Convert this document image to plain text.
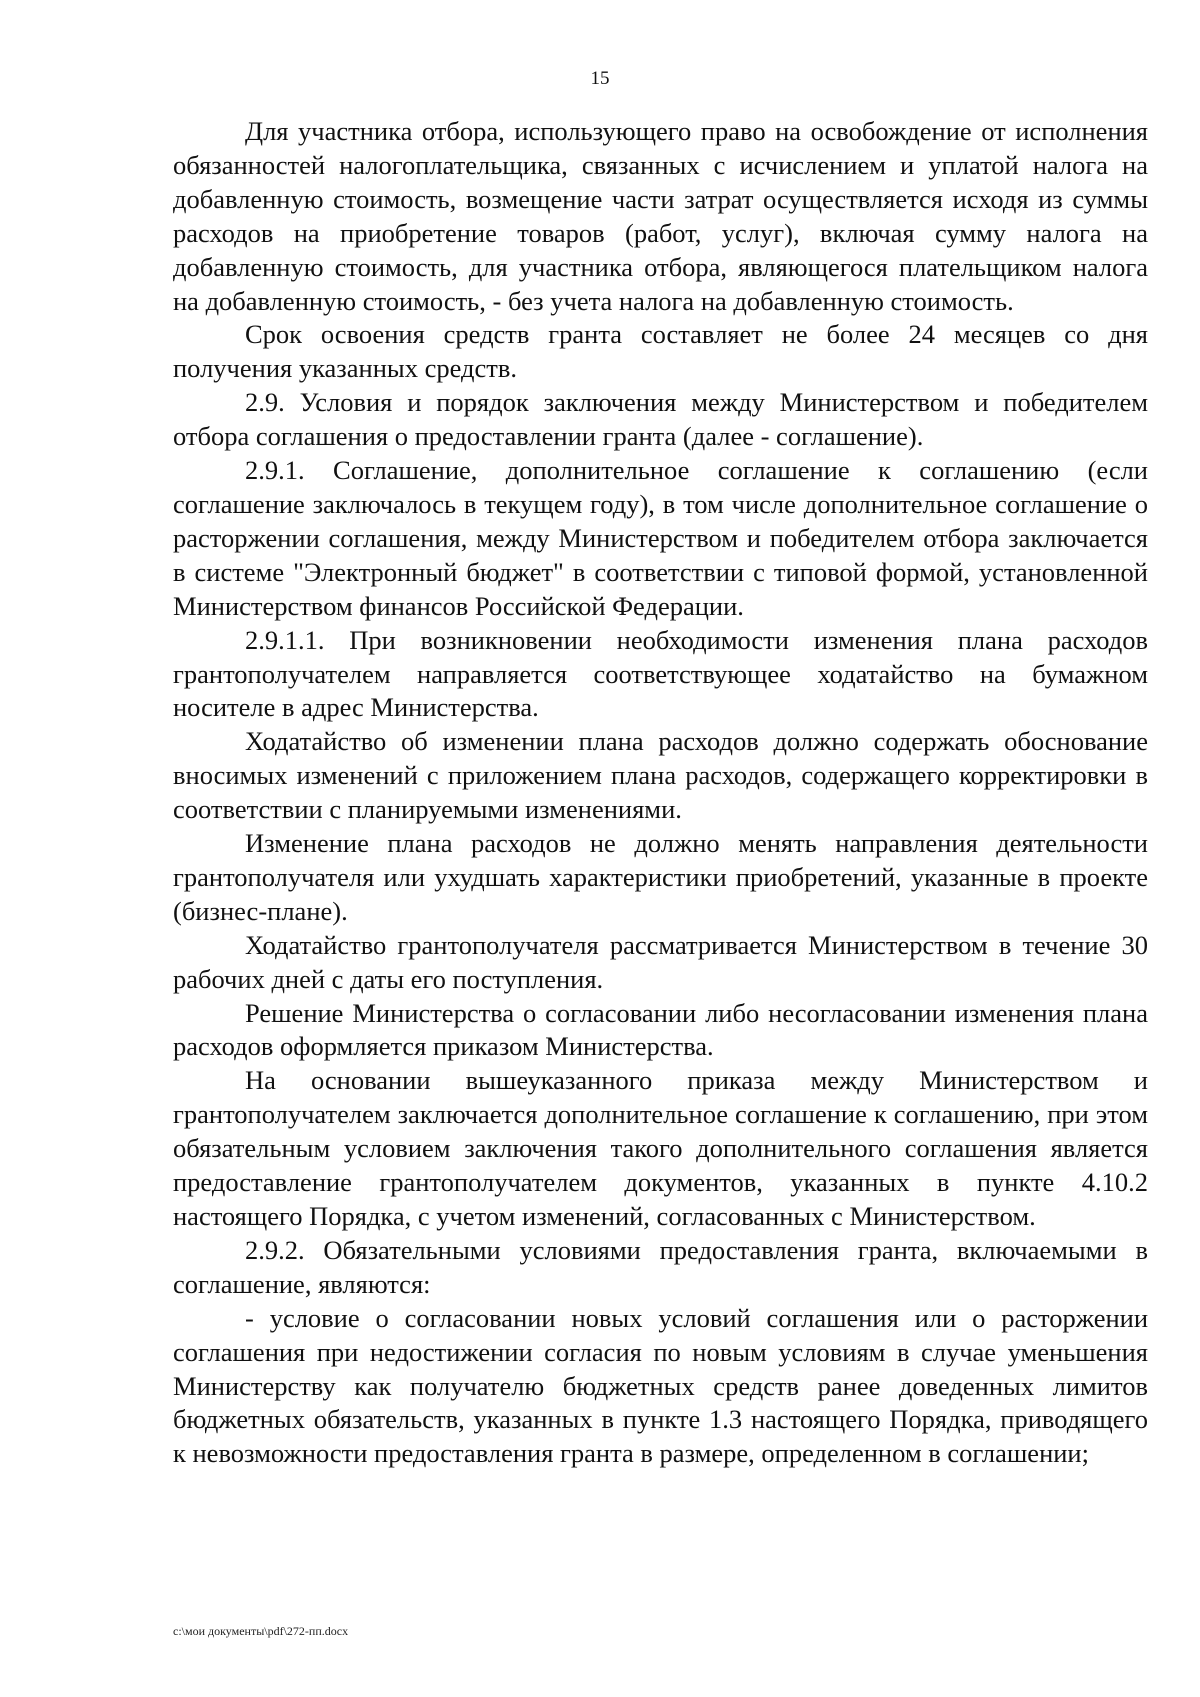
15

Для участника отбора, использующего право на освобождение от исполнения обязанностей налогоплательщика, связанных с исчислением и уплатой налога на добавленную стоимость, возмещение части затрат осуществляется исходя из суммы расходов на приобретение товаров (работ, услуг), включая сумму налога на добавленную стоимость, для участника отбора, являющегося плательщиком налога на добавленную стоимость, - без учета налога на добавленную стоимость.

Срок освоения средств гранта составляет не более 24 месяцев со дня получения указанных средств.

2.9. Условия и порядок заключения между Министерством и победителем отбора соглашения о предоставлении гранта (далее - соглашение).

2.9.1. Соглашение, дополнительное соглашение к соглашению (если соглашение заключалось в текущем году), в том числе дополнительное соглашение о расторжении соглашения, между Министерством и победителем отбора заключается в системе "Электронный бюджет" в соответствии с типовой формой, установленной Министерством финансов Российской Федерации.

2.9.1.1. При возникновении необходимости изменения плана расходов грантополучателем направляется соответствующее ходатайство на бумажном носителе в адрес Министерства.

Ходатайство об изменении плана расходов должно содержать обоснование вносимых изменений с приложением плана расходов, содержащего корректировки в соответствии с планируемыми изменениями.

Изменение плана расходов не должно менять направления деятельности грантополучателя или ухудшать характеристики приобретений, указанные в проекте (бизнес-плане).

Ходатайство грантополучателя рассматривается Министерством в течение 30 рабочих дней с даты его поступления.

Решение Министерства о согласовании либо несогласовании изменения плана расходов оформляется приказом Министерства.

На основании вышеуказанного приказа между Министерством и грантополучателем заключается дополнительное соглашение к соглашению, при этом обязательным условием заключения такого дополнительного соглашения является предоставление грантополучателем документов, указанных в пункте 4.10.2 настоящего Порядка, с учетом изменений, согласованных с Министерством.

2.9.2. Обязательными условиями предоставления гранта, включаемыми в соглашение, являются:

- условие о согласовании новых условий соглашения или о расторжении соглашения при недостижении согласия по новым условиям в случае уменьшения Министерству как получателю бюджетных средств ранее доведенных лимитов бюджетных обязательств, указанных в пункте 1.3 настоящего Порядка, приводящего к невозможности предоставления гранта в размере, определенном в соглашении;

c:\мои документы\pdf\272-пп.docx
